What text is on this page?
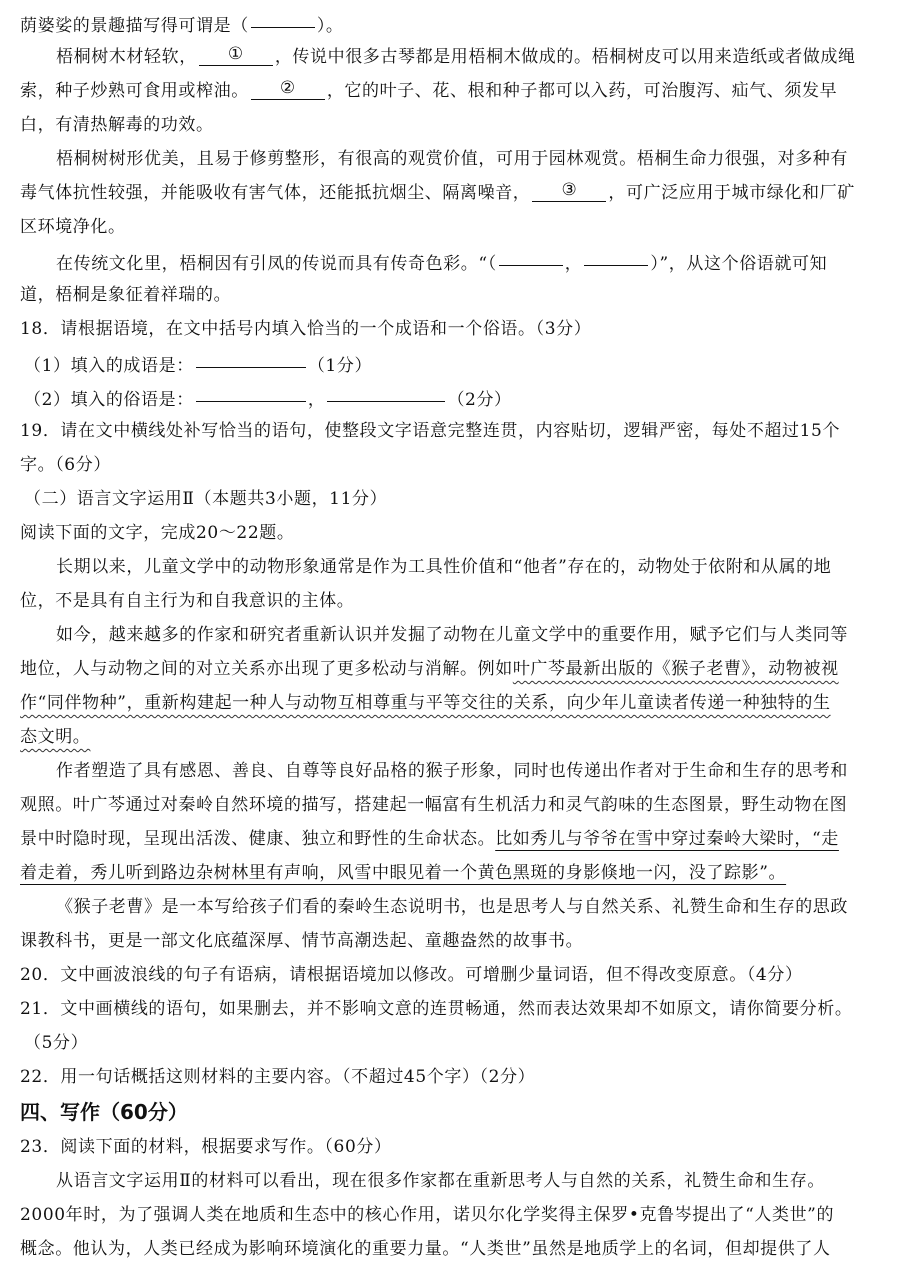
荫婆娑的景趣描写得可谓是（	）。
梧桐树木材轻软， ① ，传说中很多古琴都是用梧桐木做成的。梧桐树皮可以用来造纸或者做成绳
索，种子炒熟可食用或榨油。 ② ，它的叶子、花、根和种子都可以入药，可治腹泻、疝气、须发早
白，有清热解毒的功效。
梧桐树树形优美，且易于修剪整形，有很高的观赏价值，可用于园林观赏。梧桐生命力很强，对多种有
毒气体抗性较强，并能吸收有害气体，还能抵抗烟尘、隔离噪音， ③ ，可广泛应用于城市绿化和厂矿
区环境净化。
在传统文化里，梧桐因有引凤的传说而具有传奇色彩。“（	，	）”，从这个俗语就可知
道，梧桐是象征着祥瑞的。
18．请根据语境，在文中括号内填入恰当的一个成语和一个俗语。（3分）
（1）填入的成语是：	（1分）
（2）填入的俗语是：	，	（2分）
19．请在文中横线处补写恰当的语句，使整段文字语意完整连贯，内容贴切，逻辑严密，每处不超过15个
字。（6分）
（二）语言文字运用Ⅱ（本题共3小题，11分）
阅读下面的文字，完成20～22题。
长期以来，儿童文学中的动物形象通常是作为工具性价值和“他者”存在的，动物处于依附和从属的地
位，不是具有自主行为和自我意识的主体。
如今，越来越多的作家和研究者重新认识并发掘了动物在儿童文学中的重要作用，赋予它们与人类同等
地位，人与动物之间的对立关系亦出现了更多松动与消解。例如叶广芩最新出版的《猴子老曹》，动物被视
作“同伴物种”，重新构建起一种人与动物互相尊重与平等交往的关系，向少年儿童读者传递一种独特的生
态文明。
作者塑造了具有感恩、善良、自尊等良好品格的猴子形象，同时也传递出作者对于生命和生存的思考和
观照。叶广芩通过对秦岭自然环境的描写，搭建起一幅富有生机活力和灵气韵味的生态图景，野生动物在图
景中时隐时现，呈现出活泼、健康、独立和野性的生命状态。比如秀儿与爷爷在雪中穿过秦岭大梁时，“走
着走着，秀儿听到路边杂树林里有声响，风雪中眼见着一个黄色黑斑的身影倏地一闪，没了踪影”。
《猴子老曹》是一本写给孩子们看的秦岭生态说明书，也是思考人与自然关系、礼赞生命和生存的思政
课教科书，更是一部文化底蕴深厚、情节高潮迭起、童趣盎然的故事书。
20．文中画波浪线的句子有语病，请根据语境加以修改。可增删少量词语，但不得改变原意。（4分）
21．文中画横线的语句，如果删去，并不影响文意的连贯畅通，然而表达效果却不如原文，请你简要分析。
（5分）
22．用一句话概括这则材料的主要内容。（不超过45个字）（2分）
四、写作（60分）
23．阅读下面的材料，根据要求写作。（60分）
从语言文字运用Ⅱ的材料可以看出，现在很多作家都在重新思考人与自然的关系，礼赞生命和生存。
2000年时，为了强调人类在地质和生态中的核心作用，诺贝尔化学奖得主保罗•克鲁岑提出了“人类世”的
概念。他认为，人类已经成为影响环境演化的重要力量。“人类世”虽然是地质学上的名词，但却提供了人
